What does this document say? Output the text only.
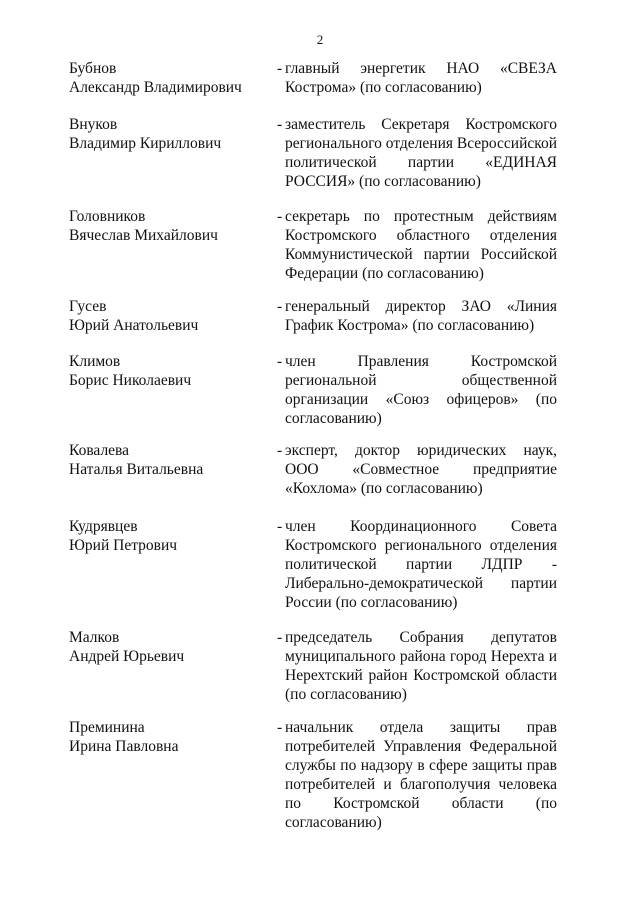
2
Бубнов
Александр Владимирович
- главный энергетик НАО «СВЕЗА
Кострома» (по согласованию)
Внуков
Владимир Кириллович
- заместитель Секретаря Костромского
регионального отделения Всероссийской
политической партии «ЕДИНАЯ
РОССИЯ» (по согласованию)
Головников
Вячеслав Михайлович
- секретарь по протестным действиям
Костромского областного отделения
Коммунистической партии Российской
Федерации (по согласованию)
Гусев
Юрий Анатольевич
- генеральный директор ЗАО «Линия
График Кострома» (по согласованию)
Климов
Борис Николаевич
- член Правления Костромской
региональной общественной
организации «Союз офицеров» (по
согласованию)
Ковалева
Наталья Витальевна
- эксперт, доктор юридических наук,
ООО «Совместное предприятие
«Кохлома» (по согласованию)
Кудрявцев
Юрий Петрович
- член Координационного Совета
Костромского регионального отделения
политической партии ЛДПР -
Либерально-демократической партии
России (по согласованию)
Малков
Андрей Юрьевич
- председатель Собрания депутатов
муниципального района город Нерехта и
Нерехтский район Костромской области
(по согласованию)
Преминина
Ирина Павловна
- начальник отдела защиты прав
потребителей Управления Федеральной
службы по надзору в сфере защиты прав
потребителей и благополучия человека
по Костромской области (по
согласованию)
